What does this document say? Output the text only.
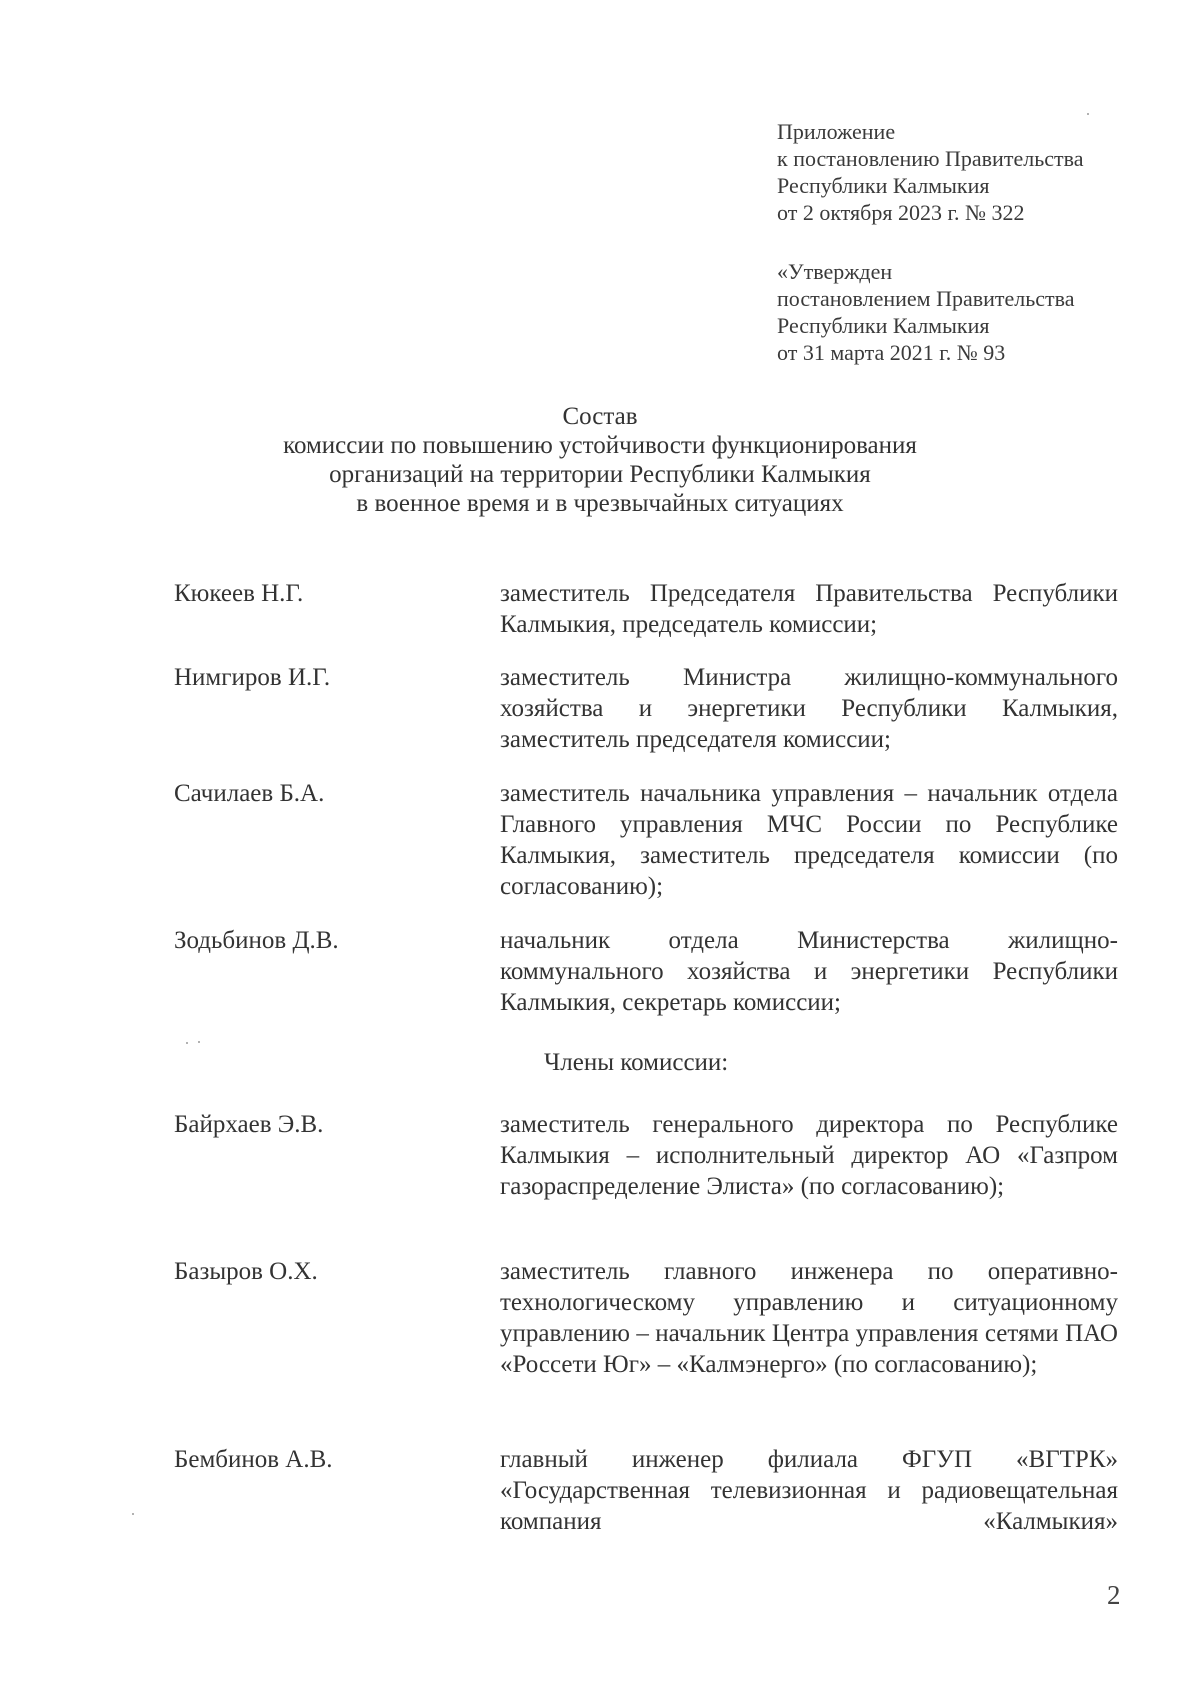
Приложение
к постановлению Правительства
Республики Калмыкия
от 2 октября 2023 г. № 322
«Утвержден
постановлением Правительства
Республики Калмыкия
от 31 марта 2021 г. № 93
Состав
комиссии по повышению устойчивости функционирования
организаций на территории Республики Калмыкия
в военное время и в чрезвычайных ситуациях
Кюкеев Н.Г.	заместитель Председателя Правительства Республики Калмыкия, председатель комиссии;
Нимгиров И.Г.	заместитель Министра жилищно-коммунального хозяйства и энергетики Республики Калмыкия, заместитель председателя комиссии;
Сачилаев Б.А.	заместитель начальника управления – начальник отдела Главного управления МЧС России по Республике Калмыкия, заместитель председателя комиссии (по согласованию);
Зодьбинов Д.В.	начальник отдела Министерства жилищно-коммунального хозяйства и энергетики Республики Калмыкия, секретарь комиссии;
Члены комиссии:
Байрхаев Э.В.	заместитель генерального директора по Республике Калмыкия – исполнительный директор АО «Газпром газораспределение Элиста» (по согласованию);
Базыров О.Х.	заместитель главного инженера по оперативно-технологическому управлению и ситуационному управлению – начальник Центра управления сетями ПАО «Россети Юг» – «Калмэнерго» (по согласованию);
Бембинов А.В.	главный инженер филиала ФГУП «ВГТРК» «Государственная телевизионная и радиовещательная компания «Калмыкия»
2
